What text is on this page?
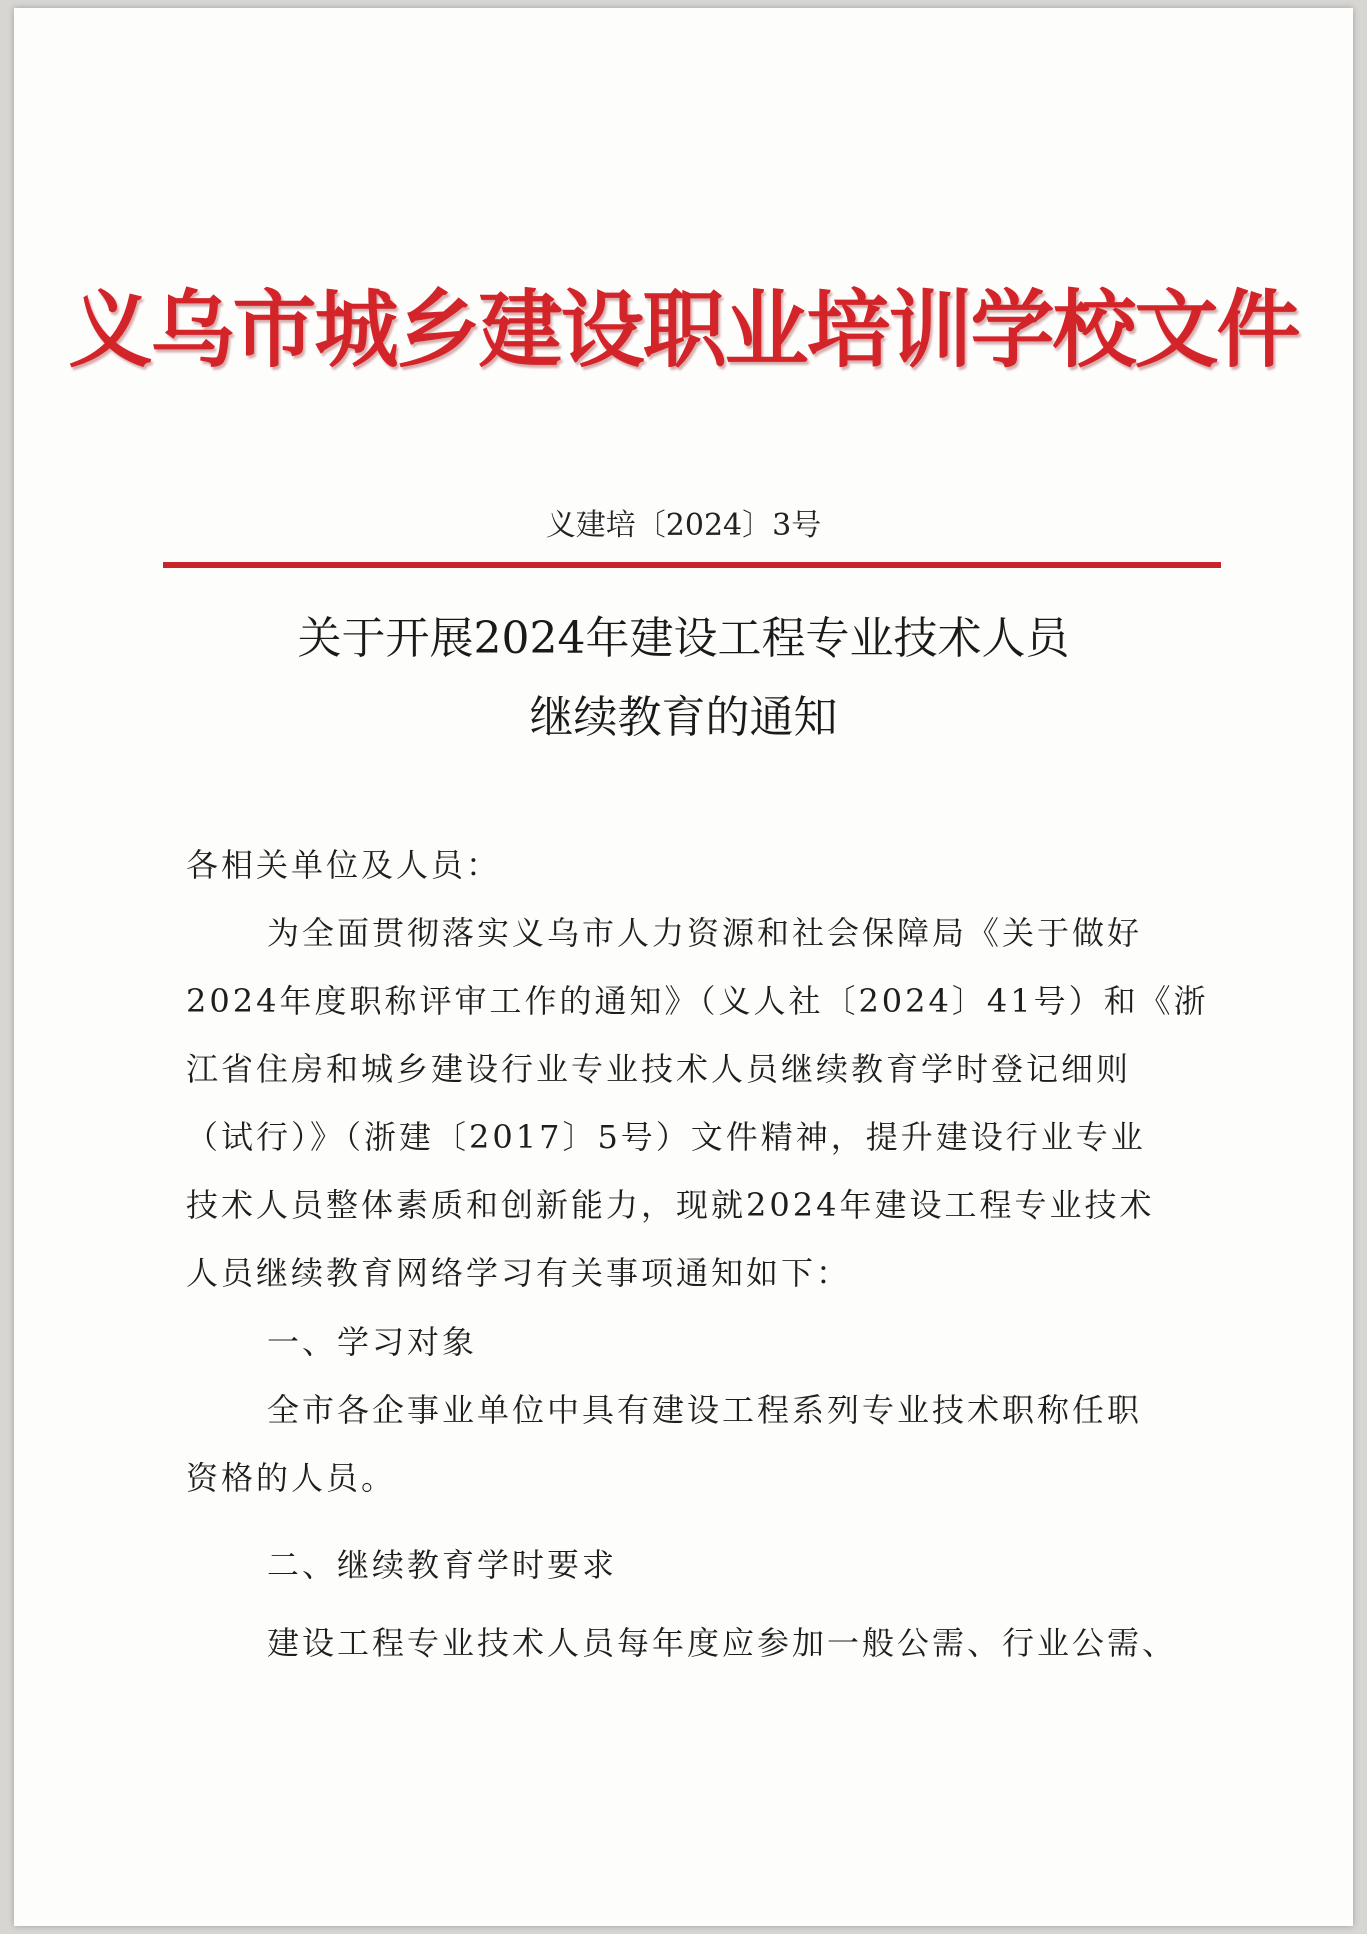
义乌市城乡建设职业培训学校文件
义建培〔2024〕3号
关于开展2024年建设工程专业技术人员
继续教育的通知
各相关单位及人员：
为全面贯彻落实义乌市人力资源和社会保障局《关于做好
2024年度职称评审工作的通知》（义人社〔2024〕41号）和《浙
江省住房和城乡建设行业专业技术人员继续教育学时登记细则
（试行）》（浙建〔2017〕5号）文件精神，提升建设行业专业
技术人员整体素质和创新能力，现就2024年建设工程专业技术
人员继续教育网络学习有关事项通知如下：
一、学习对象
全市各企事业单位中具有建设工程系列专业技术职称任职
资格的人员。
二、继续教育学时要求
建设工程专业技术人员每年度应参加一般公需、行业公需、
